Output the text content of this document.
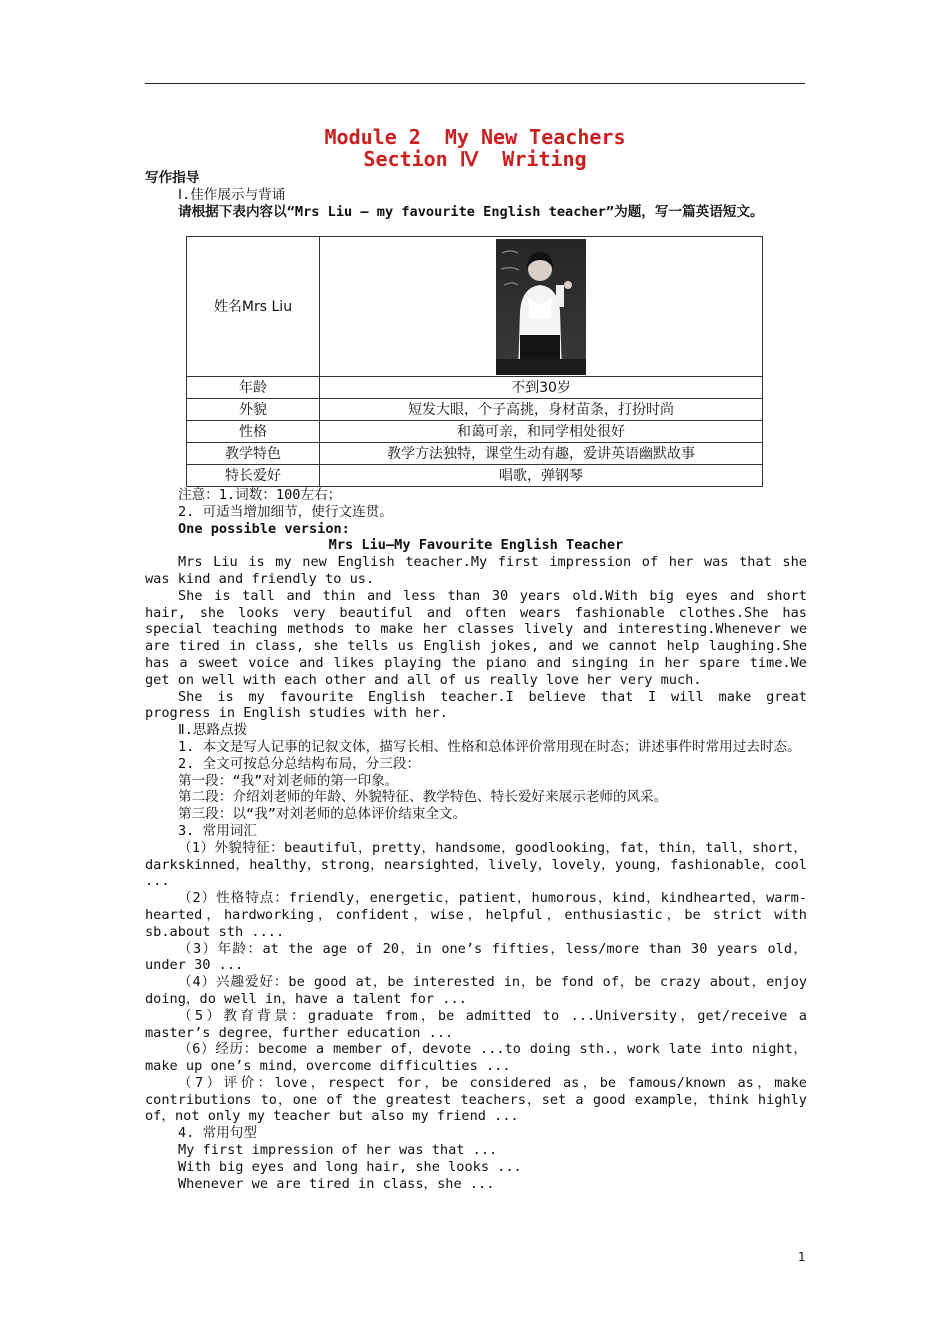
Module 2  My New Teachers
Section Ⅳ  Writing

写作指导

Ⅰ.佳作展示与背诵

请根据下表内容以“Mrs Liu — my favourite English teacher”为题，写一篇英语短文。

姓名Mrs Liu	

年龄	不到30岁
外貌	短发大眼，个子高挑，身材苗条，打扮时尚
性格	和蔼可亲，和同学相处很好
教学特色	教学方法独特，课堂生动有趣，爱讲英语幽默故事
特长爱好	唱歌，弹钢琴

注意：1.词数：100左右；

2. 可适当增加细节，使行文连贯。

One possible version:

Mrs Liu—My Favourite English Teacher

Mrs Liu is my new English teacher.My first impression of her was that she was kind and friendly to us.

She is tall and thin and less than 30 years old.With big eyes and short hair, she looks very beautiful and often wears fashionable clothes.She has special teaching methods to make her classes lively and interesting.Whenever we are tired in class, she tells us English jokes, and we cannot help laughing.She has a sweet voice and likes playing the piano and singing in her spare time.We get on well with each other and all of us really love her very much.

She is my favourite English teacher.I believe that I will make great progress in English studies with her.

Ⅱ.思路点拨

1. 本文是写人记事的记叙文体，描写长相、性格和总体评价常用现在时态；讲述事件时常用过去时态。

2. 全文可按总分总结构布局，分三段：

第一段：“我”对刘老师的第一印象。

第二段：介绍刘老师的年龄、外貌特征、教学特色、特长爱好来展示老师的风采。

第三段：以“我”对刘老师的总体评价结束全文。

3. 常用词汇

（1）外貌特征：beautiful，pretty，handsome，goodlooking，fat，thin，tall，short，darkskinned，healthy，strong，nearsighted，lively，lovely，young，fashionable，cool ...

（2）性格特点：friendly，energetic，patient，humorous，kind，kindhearted，warm-hearted，hardworking，confident，wise，helpful，enthusiastic，be strict with sb.about sth ....

（3）年龄：at the age of 20，in one’s fifties，less/more than 30 years old，under 30 ...

（4）兴趣爱好：be good at，be interested in，be fond of，be crazy about，enjoy doing，do well in，have a talent for ...

（5）教育背景：graduate from，be admitted to ...University，get/receive a master’s degree，further education ...

（6）经历：become a member of，devote ...to doing sth.，work late into night，make up one’s mind，overcome difficulties ...

（7）评价：love，respect for，be considered as，be famous/known as，make contributions to，one of the greatest teachers，set a good example，think highly of，not only my teacher but also my friend ...

4. 常用句型

My first impression of her was that ...

With big eyes and long hair, she looks ...

Whenever we are tired in class，she ...

1
